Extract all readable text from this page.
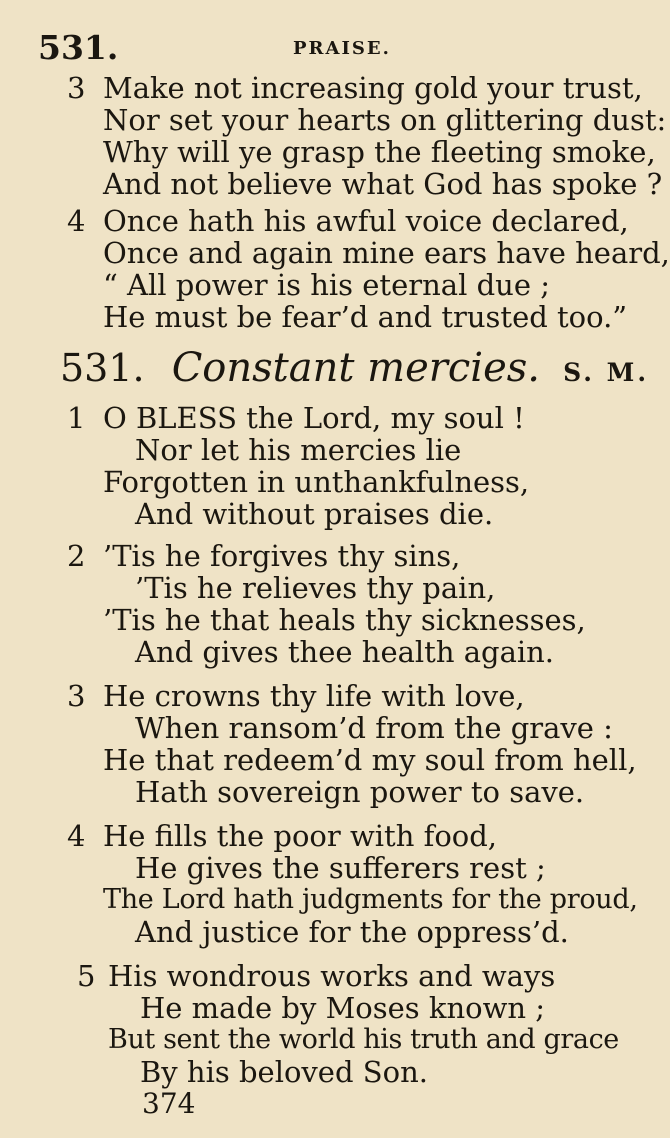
531.	PRAISE.
3 Make not increasing gold your trust,
Nor set your hearts on glittering dust:
Why will ye grasp the fleeting smoke,
And not believe what God has spoke ?
4 Once hath his awful voice declared,
Once and again mine ears have heard,
“ All power is his eternal due ;
He must be fear’d and trusted too.”
531. Constant mercies. S. M.
1 O BLESS the Lord, my soul !
Nor let his mercies lie
Forgotten in unthankfulness,
And without praises die.
2 ’Tis he forgives thy sins,
’Tis he relieves thy pain,
’Tis he that heals thy sicknesses,
And gives thee health again.
3 He crowns thy life with love,
When ransom’d from the grave :
He that redeem’d my soul from hell,
Hath sovereign power to save.
4 He fills the poor with food,
He gives the sufferers rest ;
The Lord hath judgments for the proud,
And justice for the oppress’d.
5 His wondrous works and ways
He made by Moses known ;
But sent the world his truth and grace
By his beloved Son.
374
